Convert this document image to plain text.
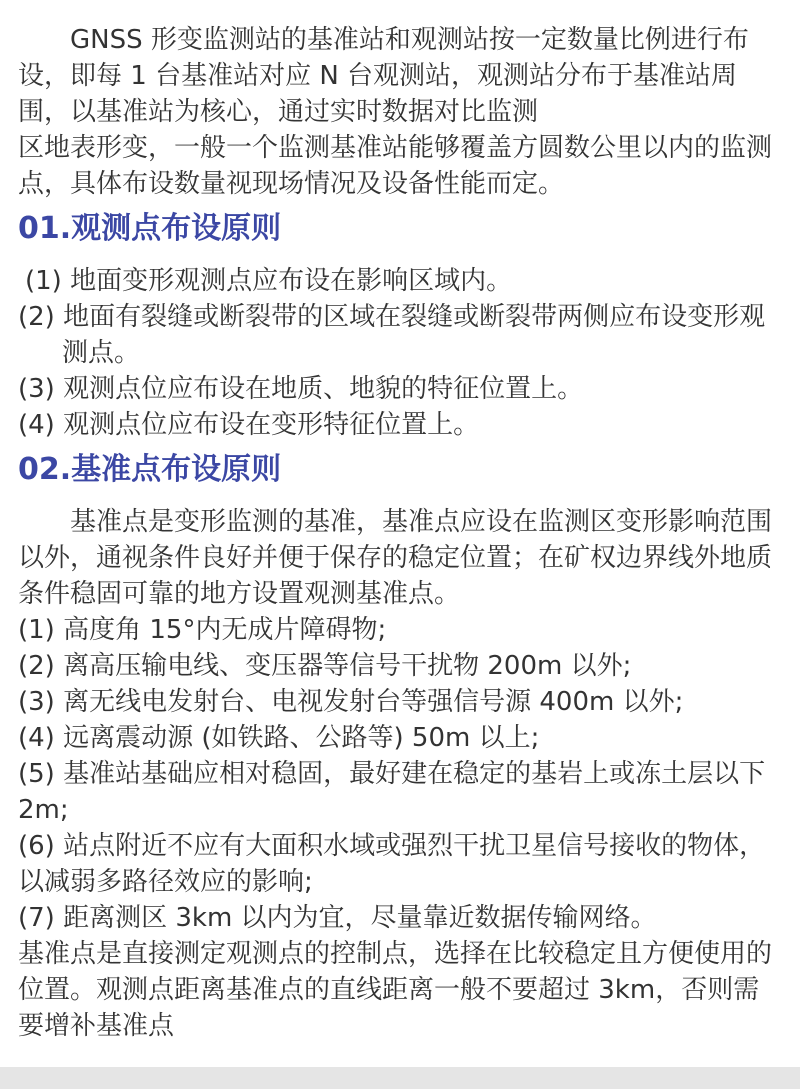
GNSS 形变监测站的基准站和观测站按一定数量比例进行布设，即每 1 台基准站对应 N 台观测站，观测站分布于基准站周围，以基准站为核心，通过实时数据对比监测

区地表形变，一般一个监测基准站能够覆盖方圆数公里以内的监测点，具体布设数量视现场情况及设备性能而定。

01.观测点布设原则

(1) 地面变形观测点应布设在影响区域内。

(2) 地面有裂缝或断裂带的区域在裂缝或断裂带两侧应布设变形观测点。

(3) 观测点位应布设在地质、地貌的特征位置上。

(4) 观测点位应布设在变形特征位置上。

02.基准点布设原则

基准点是变形监测的基准，基准点应设在监测区变形影响范围以外，通视条件良好并便于保存的稳定位置；在矿权边界线外地质条件稳固可靠的地方设置观测基准点。

(1) 高度角 15°内无成片障碍物;

(2) 离高压输电线、变压器等信号干扰物 200m 以外;

(3) 离无线电发射台、电视发射台等强信号源 400m 以外;

(4) 远离震动源 (如铁路、公路等) 50m 以上;

(5) 基准站基础应相对稳固，最好建在稳定的基岩上或冻土层以下 2m;

(6) 站点附近不应有大面积水域或强烈干扰卫星信号接收的物体，以减弱多路径效应的影响;

(7) 距离测区 3km 以内为宜，尽量靠近数据传输网络。

基准点是直接测定观测点的控制点，选择在比较稳定且方便使用的位置。观测点距离基准点的直线距离一般不要超过 3km，否则需要增补基准点
